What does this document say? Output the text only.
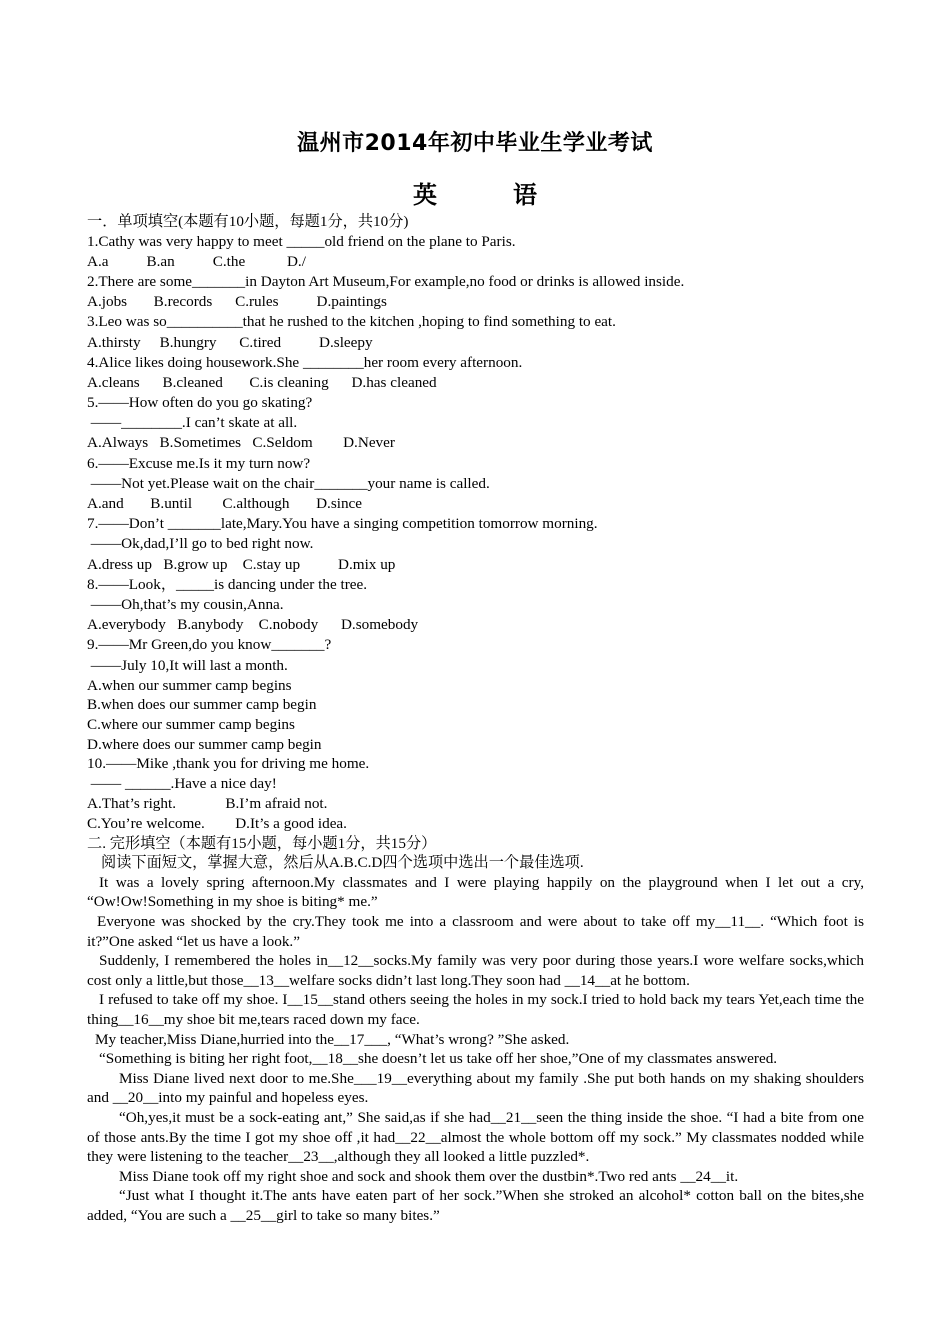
温州市2014年初中毕业生学业考试
英　语
一．单项填空(本题有10小题，每题1分，共10分)
1.Cathy was very happy to meet _____old friend on the plane to Paris.
A.a          B.an          C.the           D./
2.There are some_______in Dayton Art Museum,For example,no food or drinks is allowed inside.
A.jobs       B.records      C.rules          D.paintings
3.Leo was so__________that he rushed to the kitchen ,hoping to find something to eat.
A.thirsty     B.hungry      C.tired          D.sleepy
4.Alice likes doing housework.She ________her room every afternoon.
A.cleans      B.cleaned       C.is cleaning      D.has cleaned
5.——How often do you go skating?
——________.I can’t skate at all.
A.Always   B.Sometimes   C.Seldom        D.Never
6.——Excuse me.Is it my turn now?
——Not yet.Please wait on the chair_______your name is called.
A.and       B.until        C.although       D.since
7.——Don’t _______late,Mary.You have a singing competition tomorrow morning.
——Ok,dad,I’ll go to bed right now.
A.dress up   B.grow up    C.stay up          D.mix up
8.——Look，_____is dancing under the tree.
——Oh,that’s my cousin,Anna.
A.everybody   B.anybody    C.nobody      D.somebody
9.——Mr Green,do you know_______?
——July 10,It will last a month.
A.when our summer camp begins
B.when does our summer camp begin
C.where our summer camp begins
D.where does our summer camp begin
10.——Mike ,thank you for driving me home.
—— ______.Have a nice day!
A.That’s right.             B.I’m afraid not.
C.You’re welcome.        D.It’s a good idea.
二. 完形填空（本题有15小题，每小题1分，共15分）
阅读下面短文，掌握大意，然后从A.B.C.D四个选项中选出一个最佳选项.

It was a lovely spring afternoon.My classmates and I were playing happily on the playground when I let out a cry, “Ow!Ow!Something in my shoe is biting* me.”

Everyone was shocked by the cry.They took me into a classroom and were about to take off my__11__. “Which foot is it?”One asked “let us have a look.”

Suddenly, I remembered the holes in__12__socks.My family was very poor during those years.I wore welfare socks,which cost only a little,but those__13__welfare socks didn’t last long.They soon had __14__at he bottom.

I refused to take off my shoe. I__15__stand others seeing the holes in my sock.I tried to hold back my tears Yet,each time the thing__16__my shoe bit me,tears raced down my face.

My teacher,Miss Diane,hurried into the__17___, “What’s wrong? ”She asked.

“Something is biting her right foot,__18__she doesn’t let us take off her shoe,”One of my classmates answered.

Miss Diane lived next door to me.She___19__everything about my family .She put both hands on my shaking shoulders and __20__into my painful and hopeless eyes.

“Oh,yes,it must be a sock-eating ant,” She said,as if she had__21__seen the thing inside the shoe. “I had a bite from one of those ants.By the time I got my shoe off ,it had__22__almost the whole bottom off my sock.” My classmates nodded while they were listening to the teacher__23__,although they all looked a little puzzled*.

Miss Diane took off my right shoe and sock and shook them over the dustbin*.Two red ants __24__it.

“Just what I thought it.The ants have eaten part of her sock.”When she stroked an alcohol* cotton ball on the bites,she added, “You are such a __25__girl to take so many bites.”
